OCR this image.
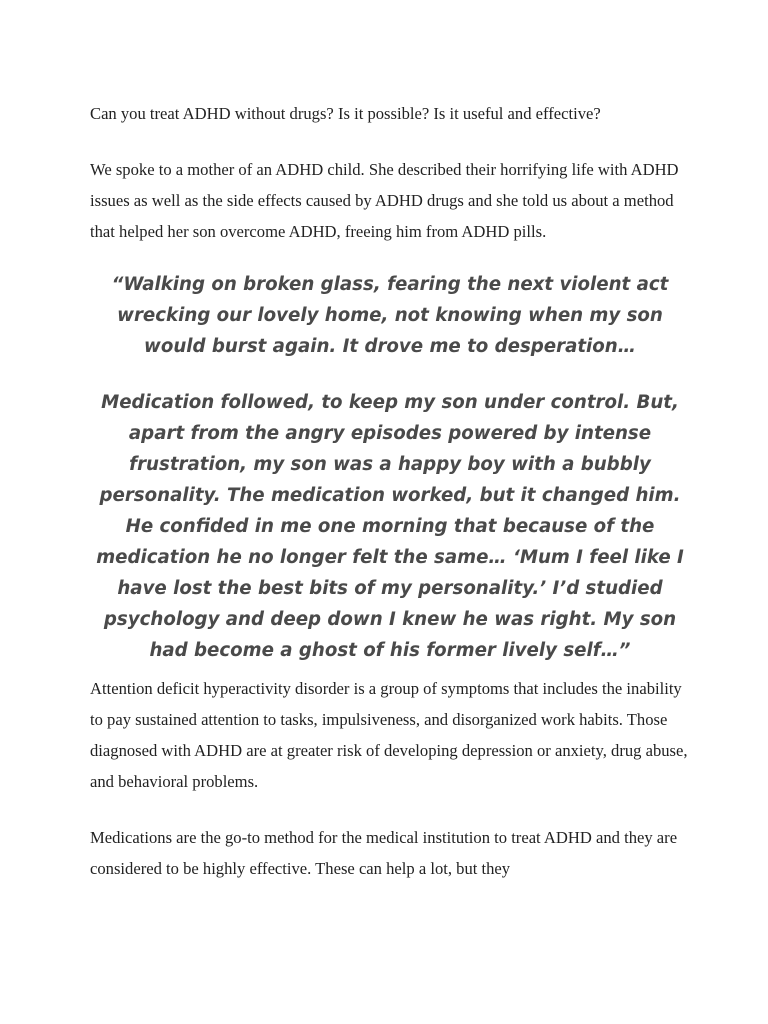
Can you treat ADHD without drugs? Is it possible? Is it useful and effective?

We spoke to a mother of an ADHD child. She described their horrifying life with ADHD issues as well as the side effects caused by ADHD drugs and she told us about a method that helped her son overcome ADHD, freeing him from ADHD pills.

“Walking on broken glass, fearing the next violent act wrecking our lovely home, not knowing when my son would burst again. It drove me to desperation…

Medication followed, to keep my son under control. But, apart from the angry episodes powered by intense frustration, my son was a happy boy with a bubbly personality. The medication worked, but it changed him. He confided in me one morning that because of the medication he no longer felt the same… ‘Mum I feel like I have lost the best bits of my personality.’ I’d studied psychology and deep down I knew he was right. My son had become a ghost of his former lively self…”

Attention deficit hyperactivity disorder is a group of symptoms that includes the inability to pay sustained attention to tasks, impulsiveness, and disorganized work habits. Those diagnosed with ADHD are at greater risk of developing depression or anxiety, drug abuse, and behavioral problems.

Medications are the go-to method for the medical institution to treat ADHD and they are considered to be highly effective. These can help a lot, but they
